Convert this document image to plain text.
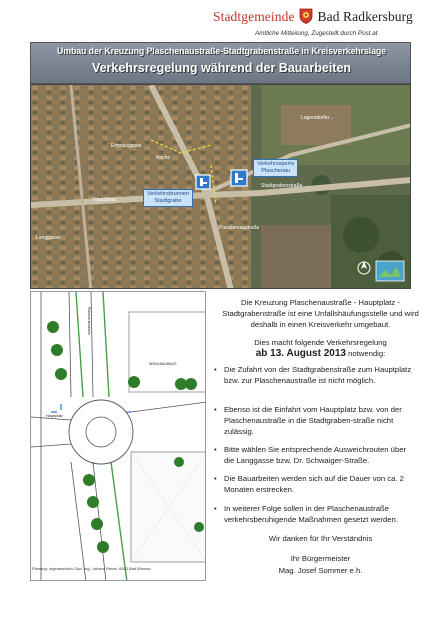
Stadtgemeinde Bad Radkersburg
Amtliche Mitteilung, Zugestellt durch Post.at
Umbau der Kreuzung Plaschenaustraße-Stadtgrabenstraße in Kreisverkehrslage
Verkehrsregelung während der Bauarbeiten
Emmasgasse
Langgasse
Hauptplatz
Kirche
Stadtgrabenstraße
Plaschenaustraße
Lagersdorfer...
Verkehrsbrunnen
Stadtgrabe
Verkehrssperre
Plaschenau
Plaschenaustraße
WOHLBAUHAUS
Hauptplatz
Planung: Ingenieurbüro Dipl.-Ing. Johann Reuer, 8263 Bad Blumau
Die Kreuzung Plaschenaustraße - Hauptplatz - Stadtgrabenstraße ist eine Unfallshäufungsstelle und wird deshalb in einen Kreisverkehr umgebaut.
Dies macht folgende Verkehrsregelung
ab 13. August 2013 notwendig:
• Die Zufahrt von der Stadtgrabenstraße zum Hauptplatz bzw. zur Plaschenaustraße ist nicht möglich.
• Ebenso ist die Einfahrt vom Hauptplatz bzw. von der Plaschenaustraße in die Stadtgraben-straße nicht zulässig.
• Bitte wählen Sie entsprechende Ausweichrouten über die Langgasse bzw. Dr. Schwaiger-Straße.
• Die Bauarbeiten werden sich auf die Dauer von ca. 2 Monaten erstrecken.
• In weiterer Folge sollen in der Plaschenaustraße verkehrsberuhigende Maßnahmen gesetzt werden.
Wir danken für Ihr Verständnis
Ihr Bürgermeister
Mag. Josef Sommer e.h.
